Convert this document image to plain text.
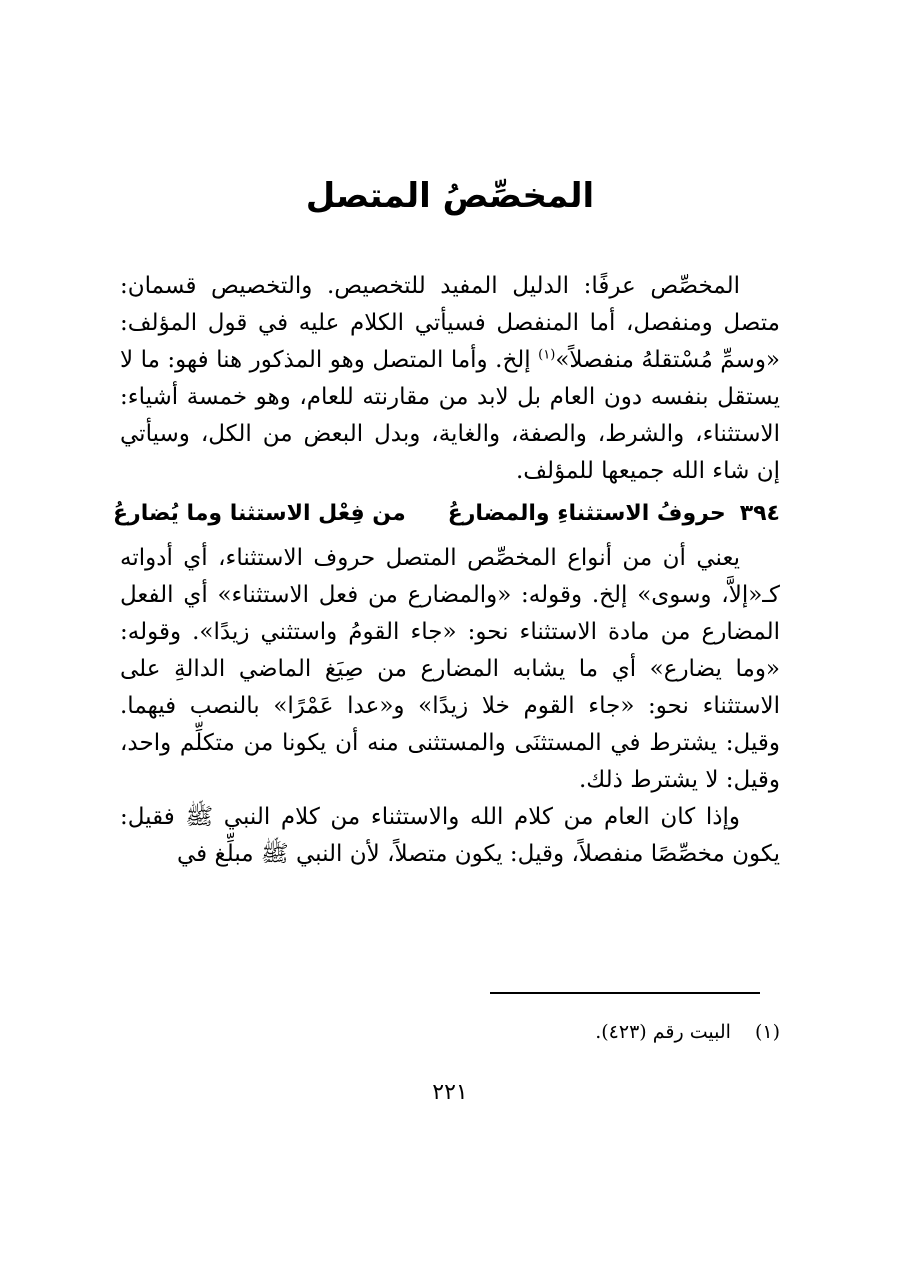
المخصِّصُ المتصل

المخصِّص عرفًا: الدليل المفيد للتخصيص. والتخصيص قسمان: متصل ومنفصل، أما المنفصل فسيأتي الكلام عليه في قول المؤلف: «وسمِّ مُسْتقلهُ منفصلاً»$^{(١)}$ إلخ. وأما المتصل وهو المذكور هنا فهو: ما لا يستقل بنفسه دون العام بل لابد من مقارنته للعام، وهو خمسة أشياء: الاستثناء، والشرط، والصفة، والغاية، وبدل البعض من الكل، وسيأتي إن شاء الله جميعها للمؤلف.

٣٩٤
حروفُ الاستثناءِ والمضارعُ
من فِعْل الاستثنا وما يُضارعُ

يعني أن من أنواع المخصِّص المتصل حروف الاستثناء، أي أدواته كـ«إلاَّ، وسوى» إلخ. وقوله: «والمضارع من فعل الاستثناء» أي الفعل المضارع من مادة الاستثناء نحو: «جاء القومُ واستثني زيدًا». وقوله: «وما يضارع» أي ما يشابه المضارع من صِيَغ الماضي الدالةِ على الاستثناء نحو: «جاء القوم خلا زيدًا» و«عدا عَمْرًا» بالنصب فيهما. وقيل: يشترط في المستثنَى والمستثنى منه أن يكونا من متكلِّم واحد، وقيل: لا يشترط ذلك.

وإذا كان العام من كلام الله والاستثناء من كلام النبي ﷺ فقيل: يكون مخصِّصًا منفصلاً، وقيل: يكون متصلاً، لأن النبي ﷺ مبلِّغ في

(١) البيت رقم (٤٢٣).
٢٢١
